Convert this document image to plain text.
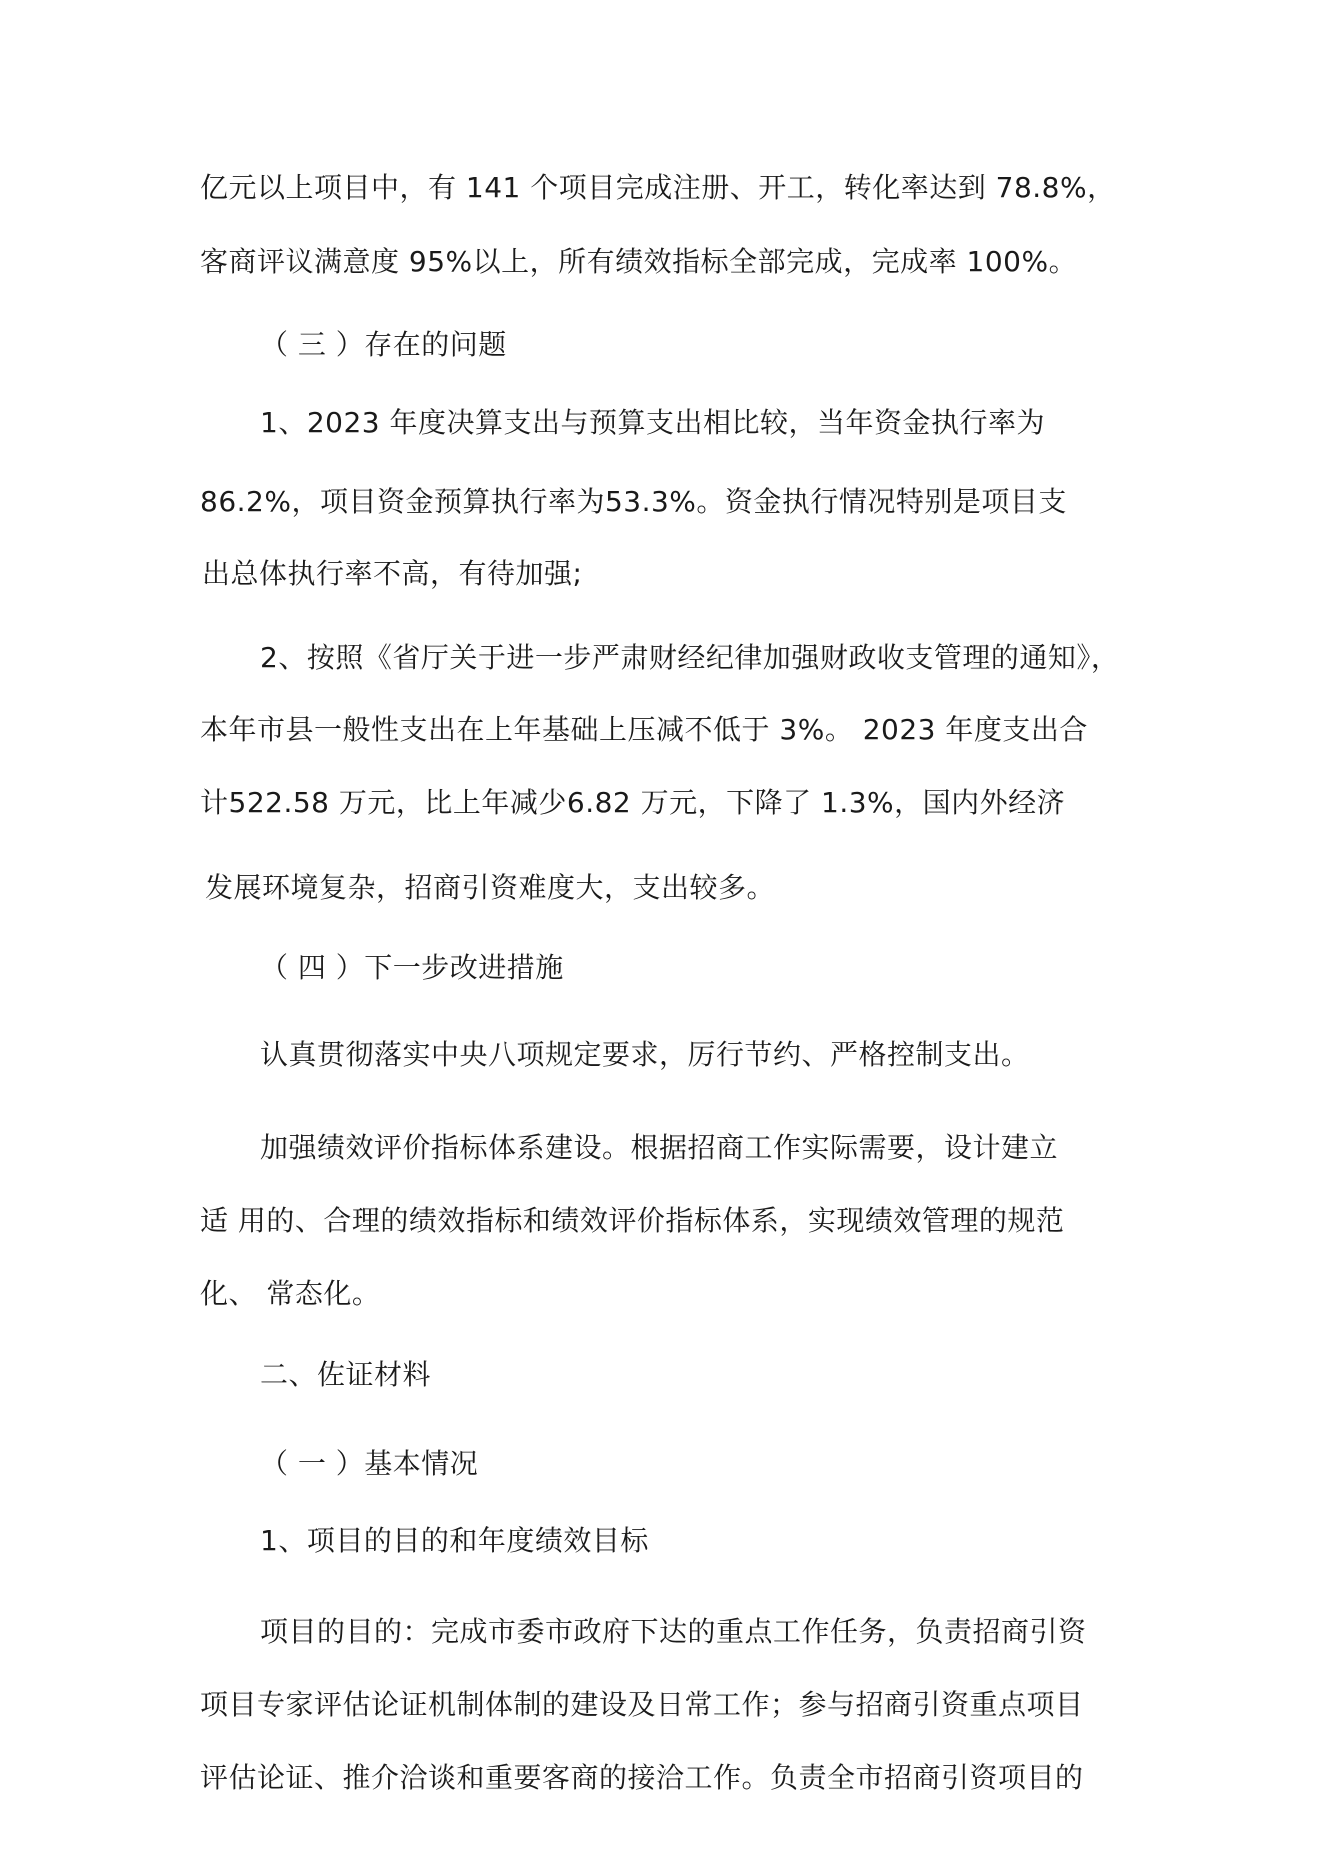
亿元以上项目中，有 141 个项目完成注册、开工，转化率达到 78.8%，
客商评议满意度 95%以上，所有绩效指标全部完成，完成率 100%。
（ 三 ）存在的问题
1、2023 年度决算支出与预算支出相比较，当年资金执行率为
86.2%，项目资金预算执行率为53.3%。资金执行情况特别是项目支
出总体执行率不高，有待加强;
2、按照《省厅关于进一步严肃财经纪律加强财政收支管理的通知》，
本年市县一般性支出在上年基础上压减不低于 3%。 2023 年度支出合
计522.58 万元，比上年减少6.82 万元，下降了 1.3%，国内外经济
发展环境复杂，招商引资难度大，支出较多。
（ 四 ）下一步改进措施
认真贯彻落实中央八项规定要求，厉行节约、严格控制支出。
加强绩效评价指标体系建设。根据招商工作实际需要，设计建立
适 用的、合理的绩效指标和绩效评价指标体系，实现绩效管理的规范
化、 常态化。
二、佐证材料
（ 一 ）基本情况
1、项目的目的和年度绩效目标
项目的目的：完成市委市政府下达的重点工作任务，负责招商引资
项目专家评估论证机制体制的建设及日常工作；参与招商引资重点项目
评估论证、推介洽谈和重要客商的接洽工作。负责全市招商引资项目的
